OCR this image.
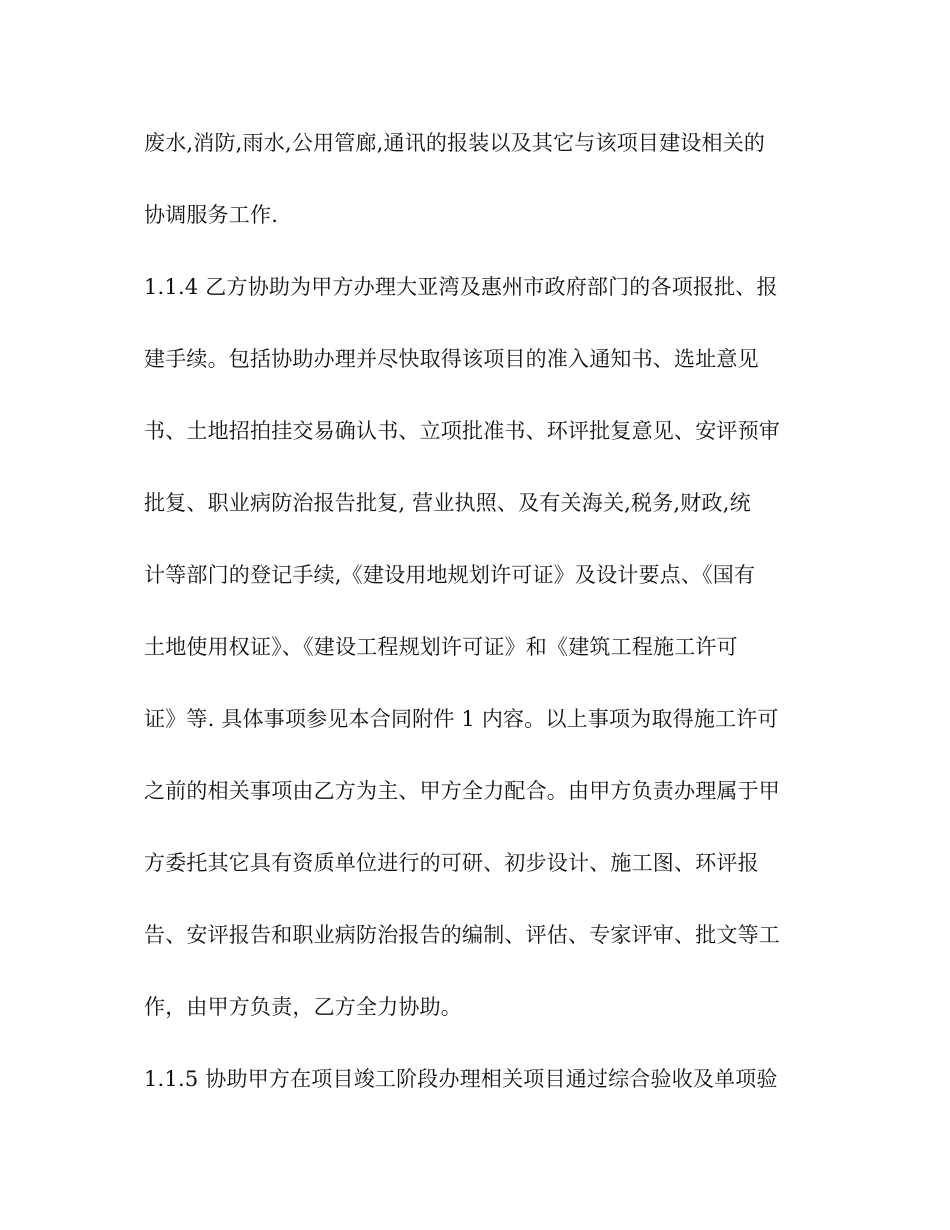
废水,消防,雨水,公用管廊,通讯的报装以及其它与该项目建设相关的
协调服务工作.
1.1.4 乙方协助为甲方办理大亚湾及惠州市政府部门的各项报批、报
建手续。包括协助办理并尽快取得该项目的准入通知书、选址意见
书、土地招拍挂交易确认书、立项批准书、环评批复意见、安评预审
批复、职业病防治报告批复, 营业执照、及有关海关,税务,财政,统
计等部门的登记手续,《建设用地规划许可证》及设计要点、《国有
土地使用权证》、《建设工程规划许可证》和《建筑工程施工许可
证》等. 具体事项参见本合同附件 1 内容。以上事项为取得施工许可
之前的相关事项由乙方为主、甲方全力配合。由甲方负责办理属于甲
方委托其它具有资质单位进行的可研、初步设计、施工图、环评报
告、安评报告和职业病防治报告的编制、评估、专家评审、批文等工
作，由甲方负责，乙方全力协助。
1.1.5 协助甲方在项目竣工阶段办理相关项目通过综合验收及单项验
